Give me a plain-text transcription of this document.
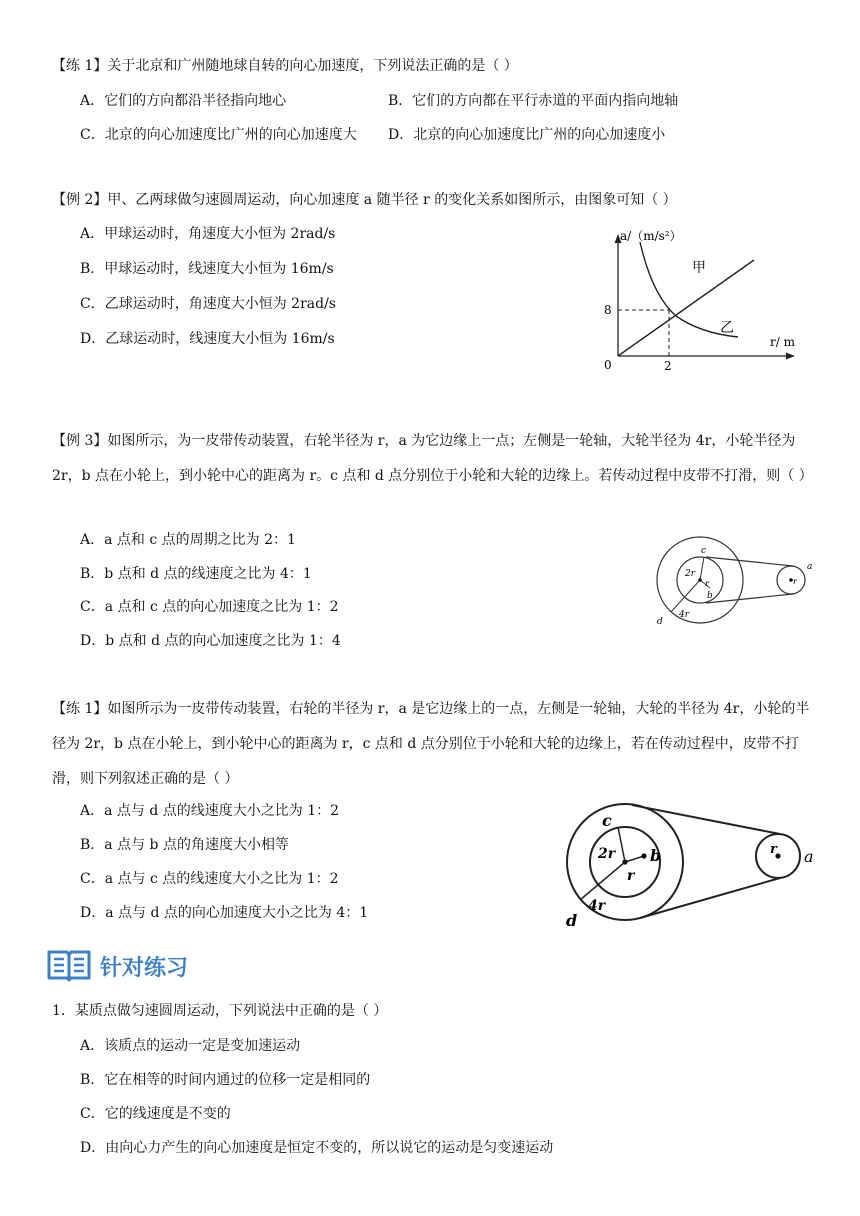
【练 1】关于北京和广州随地球自转的向心加速度，下列说法正确的是（ ）
A．它们的方向都沿半径指向地心	B．它们的方向都在平行赤道的平面内指向地轴
C．北京的向心加速度比广州的向心加速度大 D．北京的向心加速度比广州的向心加速度小
【例 2】甲、乙两球做匀速圆周运动，向心加速度 a 随半径 r 的变化关系如图所示，由图象可知（ ）
A．甲球运动时，角速度大小恒为 2rad/s
B．甲球运动时，线速度大小恒为 16m/s
C．乙球运动时，角速度大小恒为 2rad/s
D．乙球运动时，线速度大小恒为 16m/s
a/（m/s²）
r/ m
0
8
2
甲
乙
【例 3】如图所示，为一皮带传动装置，右轮半径为 r，a 为它边缘上一点；左侧是一轮轴，大轮半径为 4r，小轮半径为 2r，b 点在小轮上，到小轮中心的距离为 r。c 点和 d 点分别位于小轮和大轮的边缘上。若传动过程中皮带不打滑，则（ ）
A．a 点和 c 点的周期之比为 2：1
B．b 点和 d 点的线速度之比为 4：1
C．a 点和 c 点的向心加速度之比为 1：2
D．b 点和 d 点的向心加速度之比为 1：4
c
2r
b
r
4r
d
r
a
【练 1】如图所示为一皮带传动装置，右轮的半径为 r，a 是它边缘上的一点，左侧是一轮轴，大轮的半径为 4r，小轮的半径为 2r，b 点在小轮上，到小轮中心的距离为 r，c 点和 d 点分别位于小轮和大轮的边缘上，若在传动过程中，皮带不打滑，则下列叙述正确的是（ ）
A．a 点与 d 点的线速度大小之比为 1：2
B．a 点与 b 点的角速度大小相等
C．a 点与 c 点的线速度大小之比为 1：2
D．a 点与 d 点的向心加速度大小之比为 4：1
c
2r b
r
4r
d
r a
针对练习
1．某质点做匀速圆周运动，下列说法中正确的是（ ）
A．该质点的运动一定是变加速运动
B．它在相等的时间内通过的位移一定是相同的
C．它的线速度是不变的
D．由向心力产生的向心加速度是恒定不变的，所以说它的运动是匀变速运动
